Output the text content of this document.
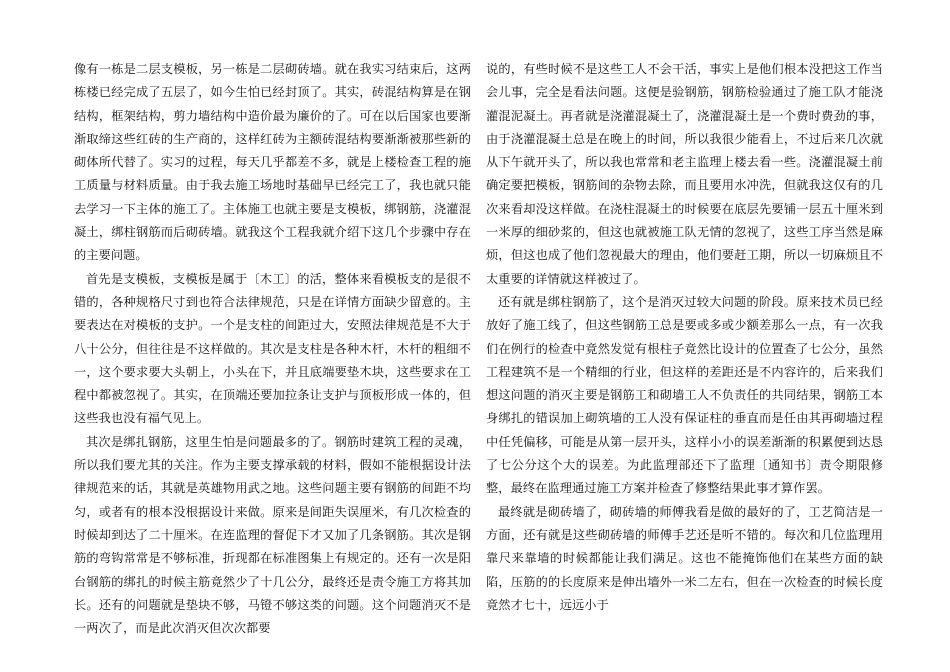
像有一栋是二层支模板，另一栋是二层砌砖墙。就在我实习结束后，这两栋楼已经完成了五层了，如今生怕已经封顶了。其实，砖混结构算是在钢结构，框架结构，剪力墙结构中造价最为廉价的了。可在以后国家也要渐渐取缔这些红砖的生产商的，这样红砖为主额砖混结构要渐渐被那些新的砌体所代替了。实习的过程，每天几乎都差不多，就是上楼检查工程的施工质量与材料质量。由于我去施工场地时基础早已经完工了，我也就只能去学习一下主体的施工了。主体施工也就主要是支模板，绑钢筋，浇灌混凝土，绑柱钢筋而后砌砖墙。就我这个工程我就介绍下这几个步骤中存在的主要问题。

首先是支模板，支模板是属于〔木工〕的活，整体来看模板支的是很不错的，各种规格尺寸到也符合法律规范，只是在详情方面缺少留意的。主要表达在对模板的支护。一个是支柱的间距过大，安照法律规范是不大于八十公分，但往往是不这样做的。其次是支柱是各种木杆，木杆的粗细不一，这个要求要大头朝上，小头在下，并且底端要垫木块，这些要求在工程中都被忽视了。其实，在顶端还要加拉条让支护与顶板形成一体的，但这些我也没有福气见上。

其次是绑扎钢筋，这里生怕是问题最多的了。钢筋时建筑工程的灵魂，所以我们要尤其的关注。作为主要支撑承载的材料，假如不能根据设计法律规范来的话，其就是英雄物用武之地。这些问题主要有钢筋的间距不均匀，或者有的根本没根据设计来做。原来是间距失误厘米，有几次检查的时候却到达了二十厘米。在连监理的督促下才又加了几条钢筋。其次是钢筋的弯钩常常是不够标准，折现都在标准图集上有规定的。还有一次是阳台钢筋的绑扎的时候主筋竟然少了十几公分，最终还是责令施工方将其加长。还有的问题就是垫块不够，马镫不够这类的问题。这个问题消灭不是一两次了，而是此次消灭但次次都要

说的，有些时候不是这些工人不会干活，事实上是他们根本没把这工作当会儿事，完全是看法问题。这便是验钢筋，钢筋检验通过了施工队才能浇灌混泥凝土。再者就是浇灌混凝土了，浇灌混凝土是一个费时费劲的事，由于浇灌混凝土总是在晚上的时间，所以我很少能看上，不过后来几次就从下午就开头了，所以我也常常和老主监理上楼去看一些。浇灌混凝土前确定要把模板，钢筋间的杂物去除，而且要用水冲洗，但就我这仅有的几次来看却没这样做。在浇柱混凝土的时候要在底层先要铺一层五十厘米到一米厚的细砂浆的，但这也就被施工队无情的忽视了，这些工序当然是麻烦，但这也成了他们忽视最大的理由，他们要赶工期，所以一切麻烦且不太重要的详情就这样被过了。

还有就是绑柱钢筋了，这个是消灭过较大问题的阶段。原来技术员已经放好了施工线了，但这些钢筋工总是要或多或少额差那么一点，有一次我们在例行的检查中竟然发觉有根柱子竟然比设计的位置查了七公分，虽然工程建筑不是一个精细的行业，但这样的差距还是不内容许的，后来我们想这问题的消灭主要是钢筋工和砌墙工人不负责任的共同结果，钢筋工本身绑扎的错误加上砌筑墙的工人没有保证柱的垂直而是任由其再砌墙过程中任凭偏移，可能是从第一层开头，这样小小的误差渐渐的积累便到达恳了七公分这个大的误差。为此监理部还下了监理〔通知书〕责令期限修整，最终在监理通过施工方案并检查了修整结果此事才算作罢。

最终就是砌砖墙了，砌砖墙的师傅我看是做的最好的了，工艺简洁是一方面，还有就是这些砌砖墙的师傅手艺还是听不错的。每次和几位监理用靠尺来靠墙的时候都能让我们满足。这也不能掩饰他们在某些方面的缺陷，压筋的的长度原来是伸出墙外一米二左右，但在一次检查的时候长度竟然才七十，远远小于
